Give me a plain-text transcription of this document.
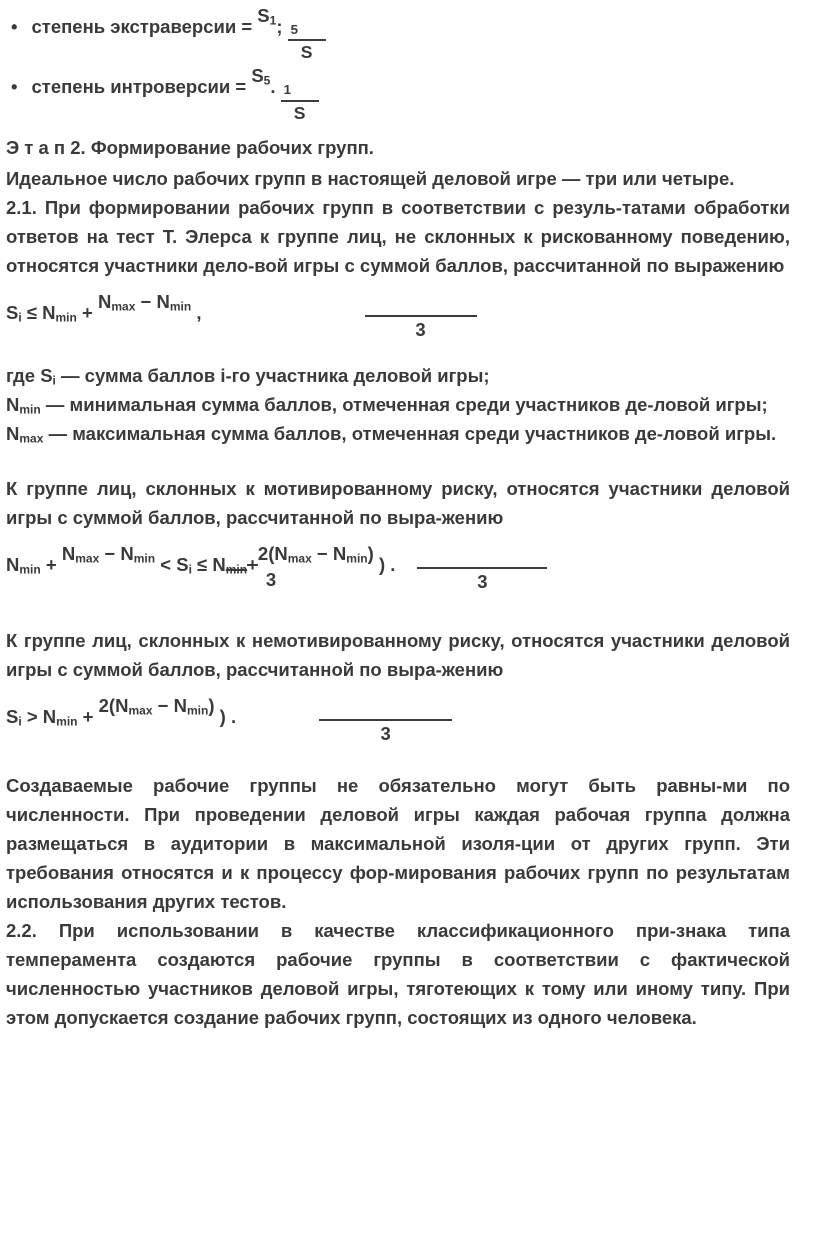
• степень экстраверсии = $S_1$; $\frac{5}{S}$

• степень интроверсии = $S_5$. $\frac{1}{S}$

Э т а п 2. Формирование рабочих групп.

Идеальное число рабочих групп в настоящей деловой игре — три или четыре.

2.1. При формировании рабочих групп в соответствии с резуль-татами обработки ответов на тест Т. Элерса к группе лиц, не склонных к рискованному поведению, относятся участники дело-вой игры с суммой баллов, рассчитанной по выражению

$S_i \le N_{min} + N_{max} - N_{min}$ ,
3

где $S_i$ — сумма баллов i-го участника деловой игры;

$N_{min}$ — минимальная сумма баллов, отмеченная среди участников де-ловой игры;

$N_{max}$ — максимальная сумма баллов, отмеченная среди участников де-ловой игры.

К группе лиц, склонных к мотивированному риску, относятся участники деловой игры с суммой баллов, рассчитанной по выра-жению

$N_{min} + N_{max} - N_{min} < S_i \le N_{min}+$
$2(N_{max} - N_{min})$
3
) .
3

К группе лиц, склонных к немотивированному риску, относятся участники деловой игры с суммой баллов, рассчитанной по выра-жению

$S_i > N_{min} + 2(N_{max} - N_{min})$ ) .
3

Создаваемые рабочие группы не обязательно могут быть равны-ми по численности. При проведении деловой игры каждая рабочая группа должна размещаться в аудитории в максимальной изоля-ции от других групп. Эти требования относятся и к процессу фор-мирования рабочих групп по результатам использования других тестов.

2.2. При использовании в качестве классификационного при-знака типа темперамента создаются рабочие группы в соответствии с фактической численностью участников деловой игры, тяготеющих к тому или иному типу. При этом допускается создание рабочих групп, состоящих из одного человека.
